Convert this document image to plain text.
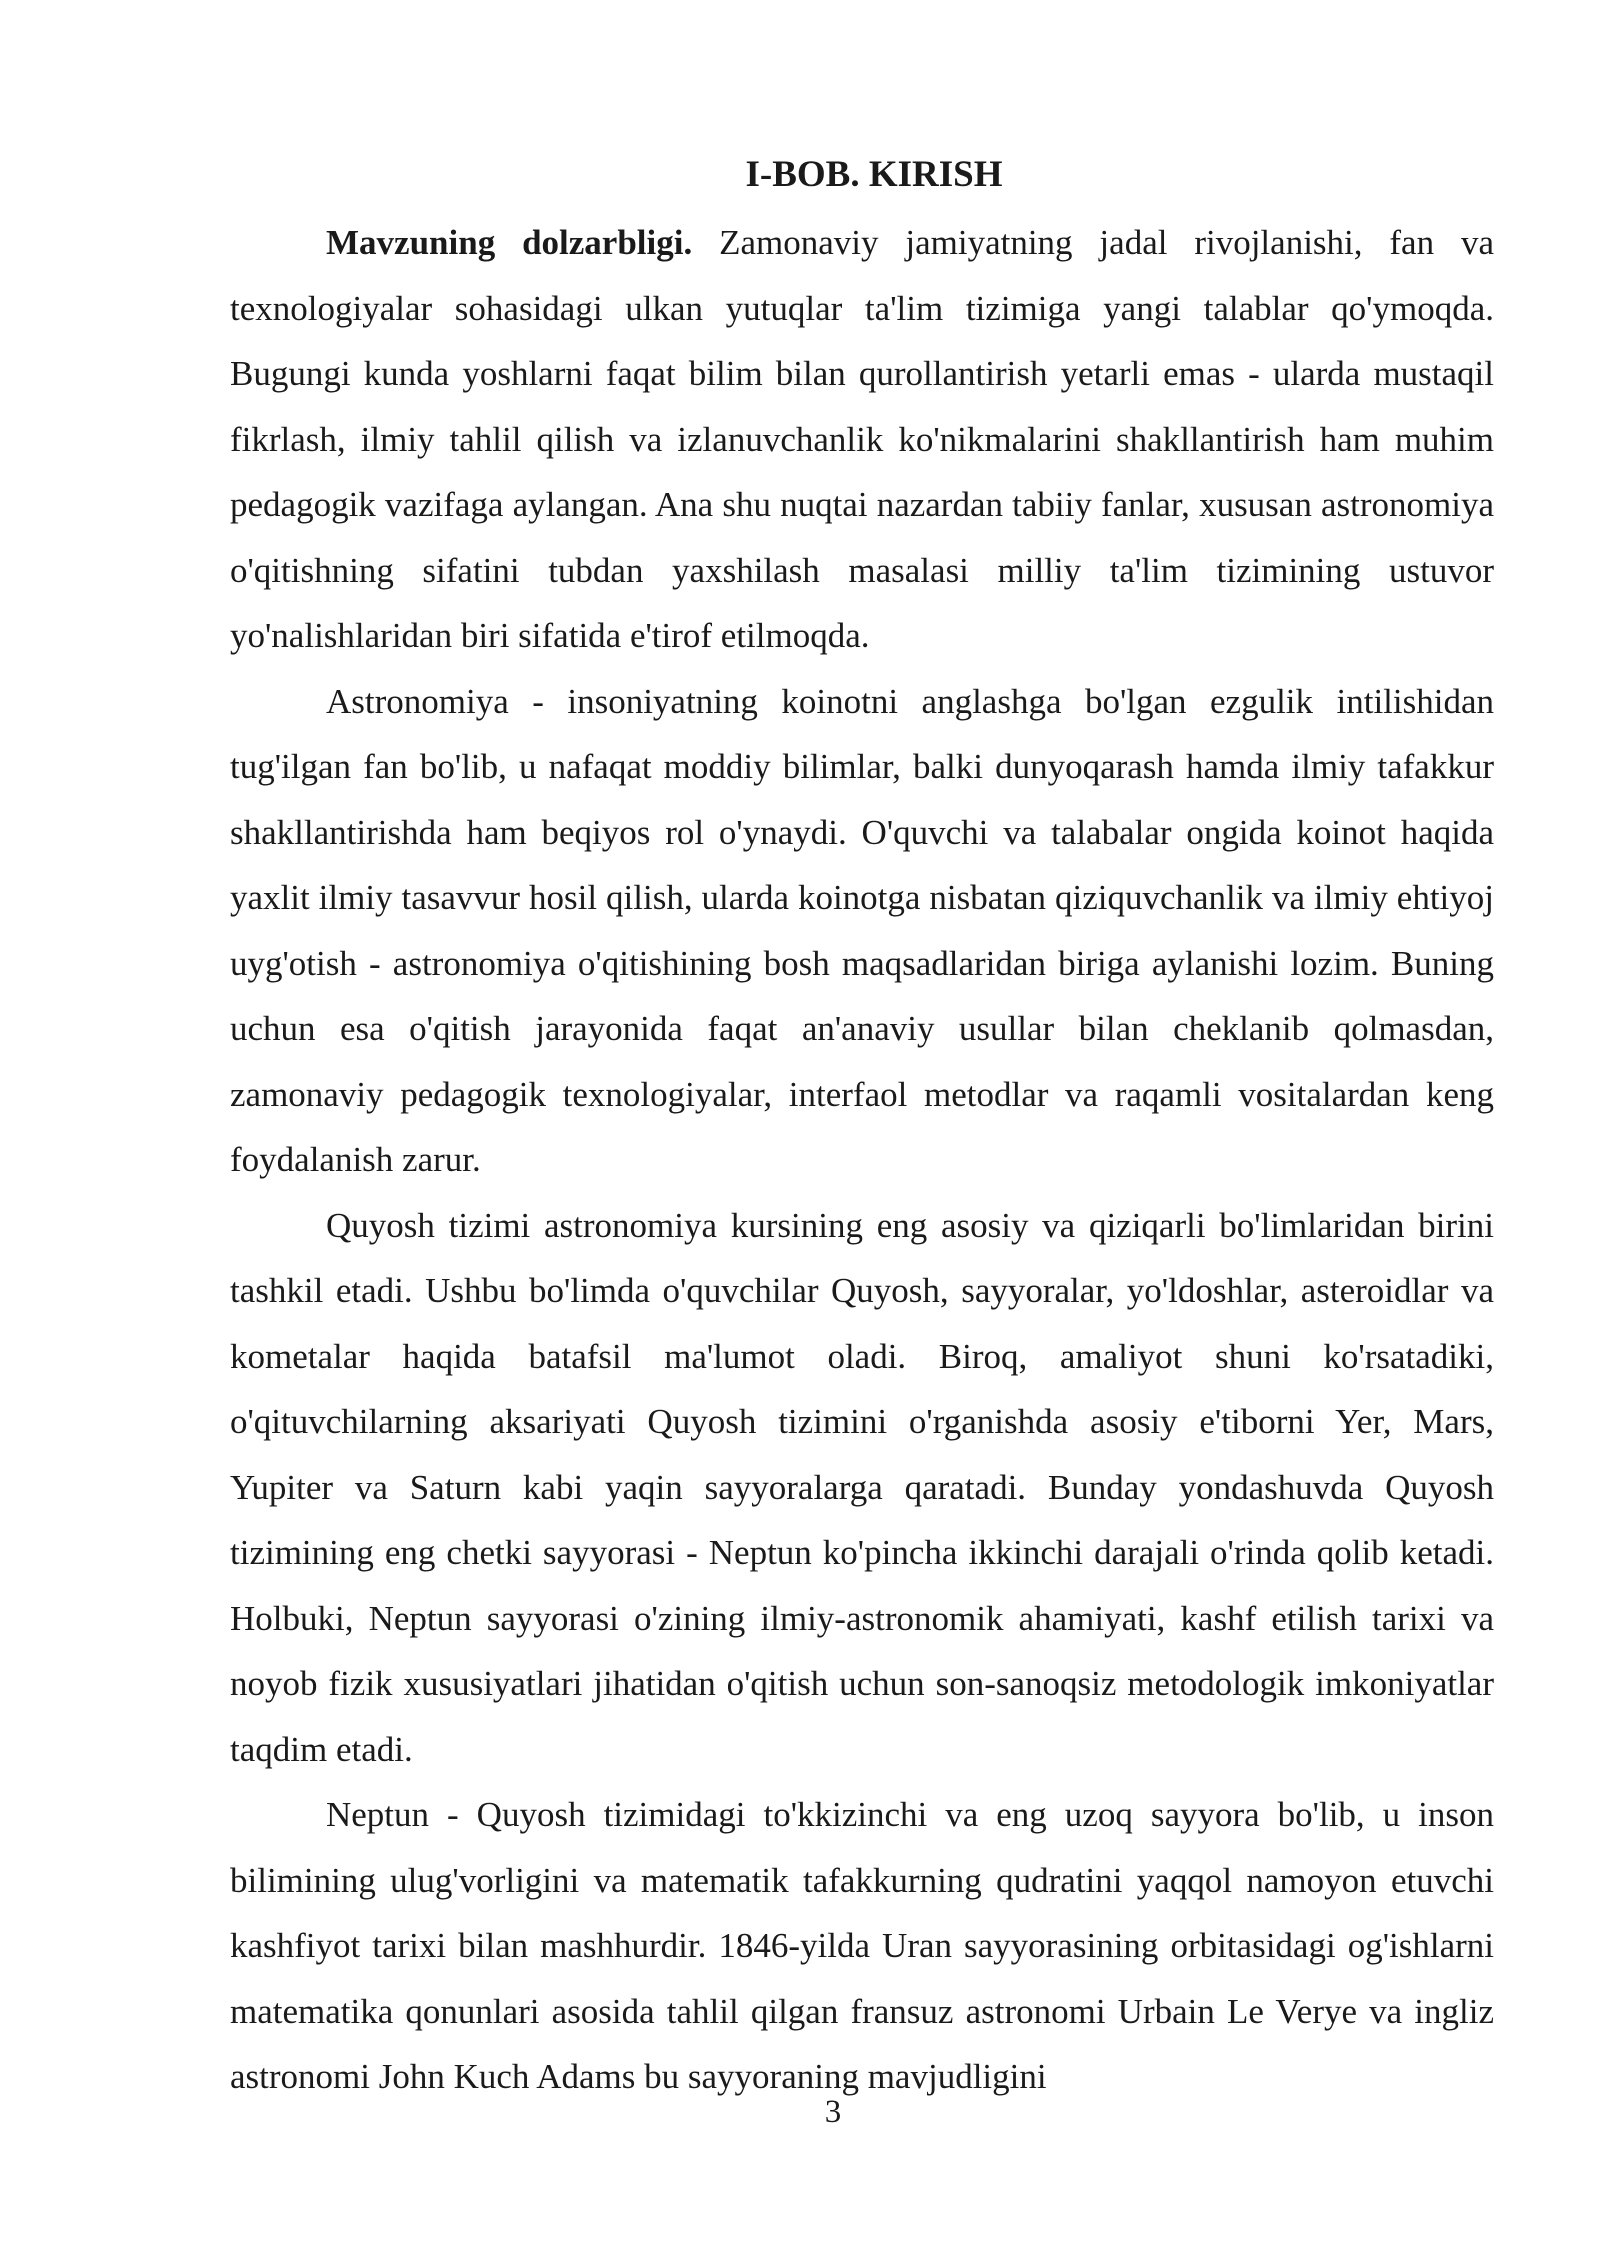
I-BOB. KIRISH

Mavzuning dolzarbligi. Zamonaviy jamiyatning jadal rivojlanishi, fan va texnologiyalar sohasidagi ulkan yutuqlar ta'lim tizimiga yangi talablar qo'ymoqda. Bugungi kunda yoshlarni faqat bilim bilan qurollantirish yetarli emas - ularda mustaqil fikrlash, ilmiy tahlil qilish va izlanuvchanlik ko'nikmalarini shakllantirish ham muhim pedagogik vazifaga aylangan. Ana shu nuqtai nazardan tabiiy fanlar, xususan astronomiya o'qitishning sifatini tubdan yaxshilash masalasi milliy ta'lim tizimining ustuvor yo'nalishlaridan biri sifatida e'tirof etilmoqda.

Astronomiya - insoniyatning koinotni anglashga bo'lgan ezgulik intilishidan tug'ilgan fan bo'lib, u nafaqat moddiy bilimlar, balki dunyoqarash hamda ilmiy tafakkur shakllantirishda ham beqiyos rol o'ynaydi. O'quvchi va talabalar ongida koinot haqida yaxlit ilmiy tasavvur hosil qilish, ularda koinotga nisbatan qiziquvchanlik va ilmiy ehtiyoj uyg'otish - astronomiya o'qitishining bosh maqsadlaridan biriga aylanishi lozim. Buning uchun esa o'qitish jarayonida faqat an'anaviy usullar bilan cheklanib qolmasdan, zamonaviy pedagogik texnologiyalar, interfaol metodlar va raqamli vositalardan keng foydalanish zarur.

Quyosh tizimi astronomiya kursining eng asosiy va qiziqarli bo'limlaridan birini tashkil etadi. Ushbu bo'limda o'quvchilar Quyosh, sayyoralar, yo'ldoshlar, asteroidlar va kometalar haqida batafsil ma'lumot oladi. Biroq, amaliyot shuni ko'rsatadiki, o'qituvchilarning aksariyati Quyosh tizimini o'rganishda asosiy e'tiborni Yer, Mars, Yupiter va Saturn kabi yaqin sayyoralarga qaratadi. Bunday yondashuvda Quyosh tizimining eng chetki sayyorasi - Neptun ko'pincha ikkinchi darajali o'rinda qolib ketadi. Holbuki, Neptun sayyorasi o'zining ilmiy-astronomik ahamiyati, kashf etilish tarixi va noyob fizik xususiyatlari jihatidan o'qitish uchun son-sanoqsiz metodologik imkoniyatlar taqdim etadi.

Neptun - Quyosh tizimidagi to'kkizinchi va eng uzoq sayyora bo'lib, u inson bilimining ulug'vorligini va matematik tafakkurning qudratini yaqqol namoyon etuvchi kashfiyot tarixi bilan mashhurdir. 1846-yilda Uran sayyorasining orbitasidagi og'ishlarni matematika qonunlari asosida tahlil qilgan fransuz astronomi Urbain Le Verye va ingliz astronomi John Kuch Adams bu sayyoraning mavjudligini

3
